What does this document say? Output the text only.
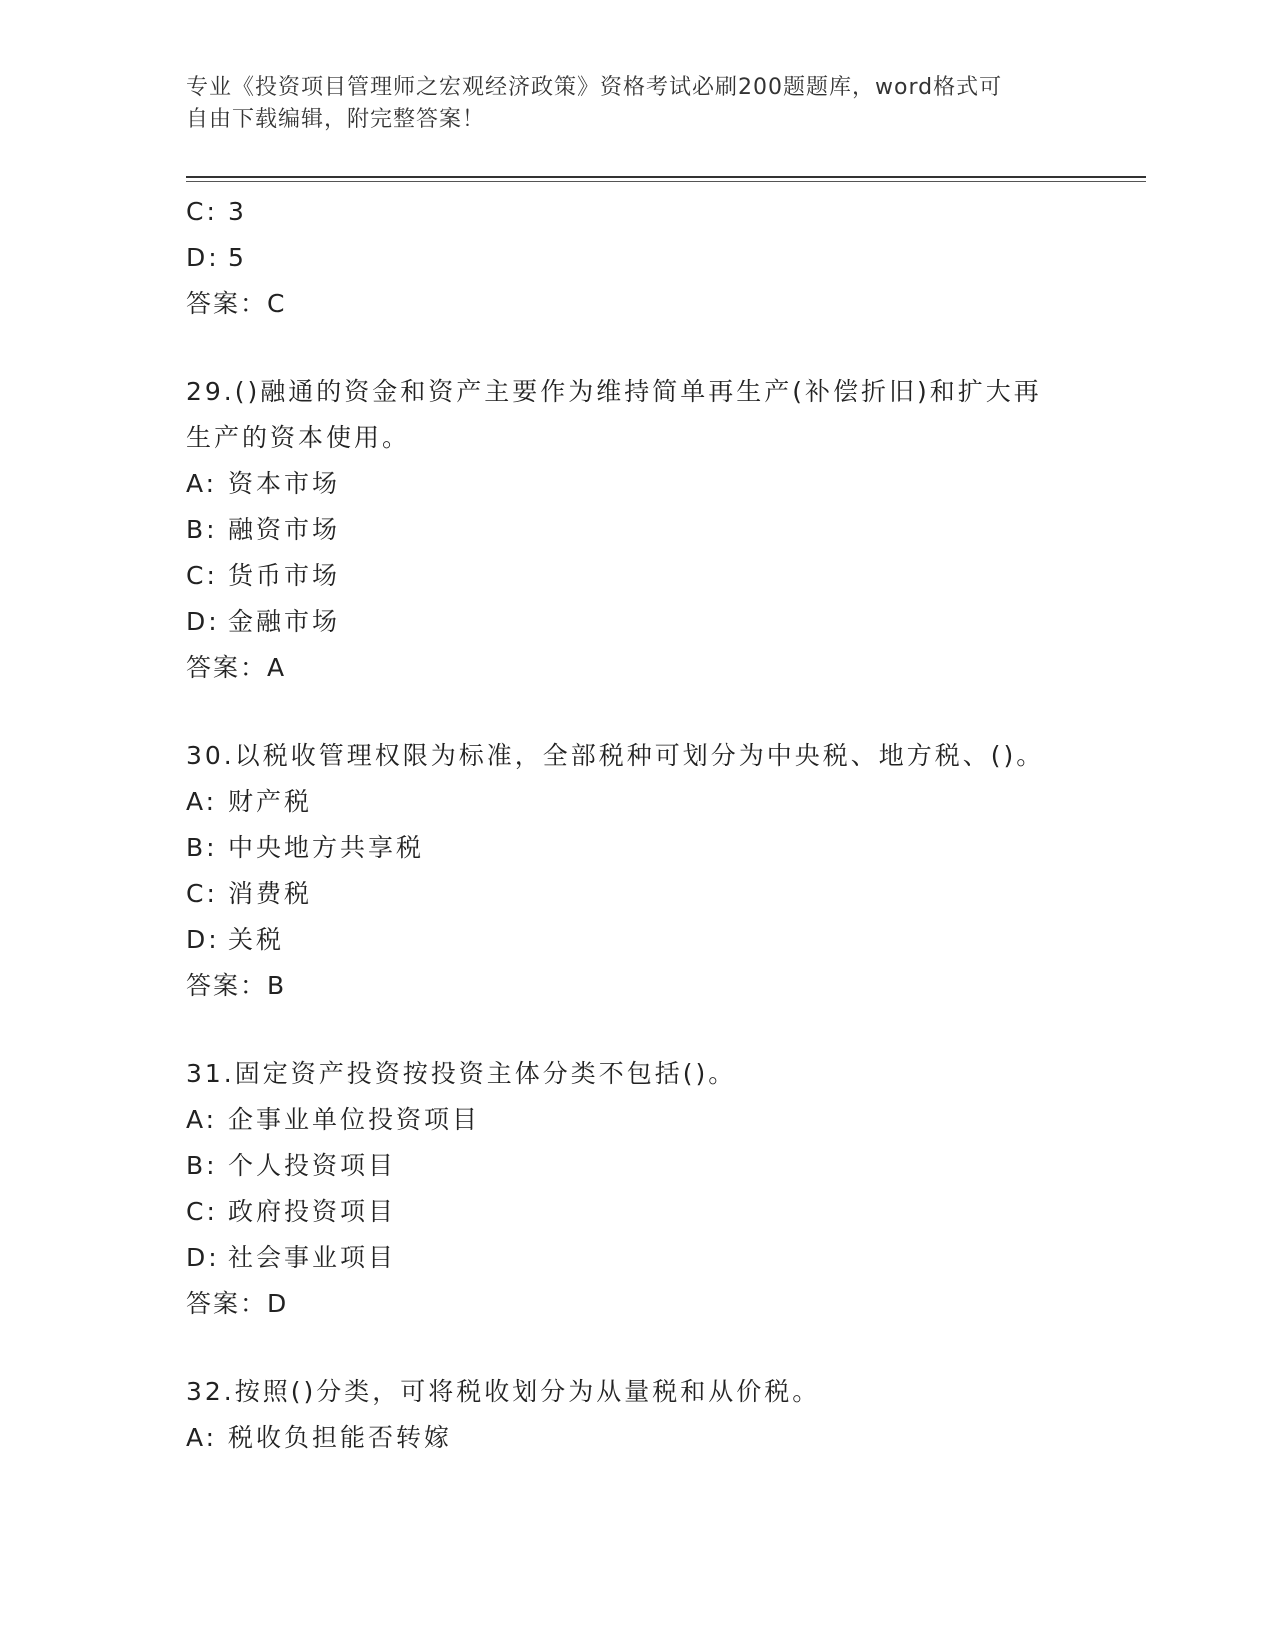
专业《投资项目管理师之宏观经济政策》资格考试必刷200题题库，word格式可
自由下载编辑，附完整答案！
C: 3
D: 5
答案：C
29.()融通的资金和资产主要作为维持简单再生产(补偿折旧)和扩大再
生产的资本使用。
A: 资本市场
B: 融资市场
C: 货币市场
D: 金融市场
答案：A
30.以税收管理权限为标准，全部税种可划分为中央税、地方税、()。
A: 财产税
B: 中央地方共享税
C: 消费税
D: 关税
答案：B
31.固定资产投资按投资主体分类不包括()。
A: 企事业单位投资项目
B: 个人投资项目
C: 政府投资项目
D: 社会事业项目
答案：D
32.按照()分类，可将税收划分为从量税和从价税。
A: 税收负担能否转嫁
